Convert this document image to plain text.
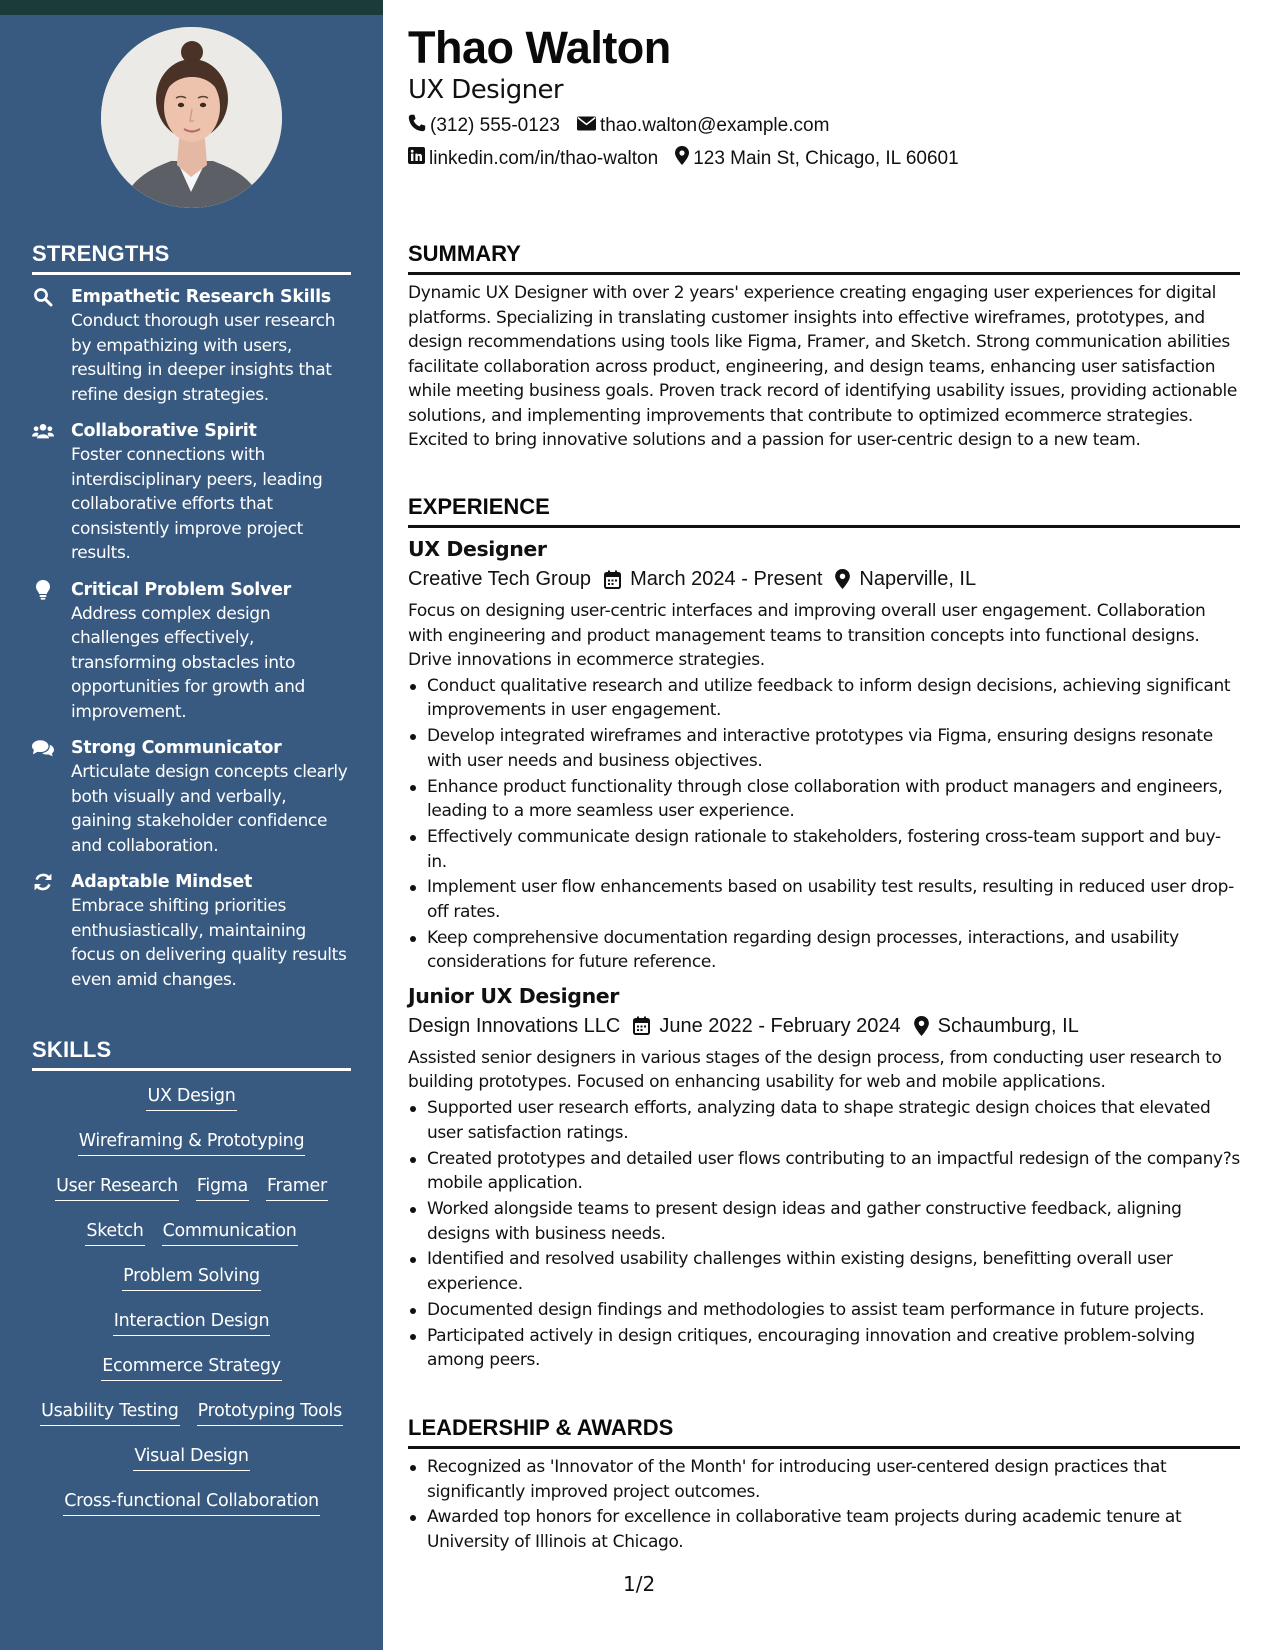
STRENGTHS
Empathetic Research Skills
Conduct thorough user research by empathizing with users, resulting in deeper insights that refine design strategies.
Collaborative Spirit
Foster connections with interdisciplinary peers, leading collaborative efforts that consistently improve project results.
Critical Problem Solver
Address complex design challenges effectively, transforming obstacles into opportunities for growth and improvement.
Strong Communicator
Articulate design concepts clearly both visually and verbally, gaining stakeholder confidence and collaboration.
Adaptable Mindset
Embrace shifting priorities enthusiastically, maintaining focus on delivering quality results even amid changes.
SKILLS
UX Design
Wireframing & Prototyping
User Research Figma Framer
Sketch Communication
Problem Solving
Interaction Design
Ecommerce Strategy
Usability Testing Prototyping Tools
Visual Design
Cross-functional Collaboration
Thao Walton
UX Designer
(312) 555-0123 thao.walton@example.com
linkedin.com/in/thao-walton 123 Main St, Chicago, IL 60601
SUMMARY

Dynamic UX Designer with over 2 years' experience creating engaging user experiences for digital platforms. Specializing in translating customer insights into effective wireframes, prototypes, and design recommendations using tools like Figma, Framer, and Sketch. Strong communication abilities facilitate collaboration across product, engineering, and design teams, enhancing user satisfaction while meeting business goals. Proven track record of identifying usability issues, providing actionable solutions, and implementing improvements that contribute to optimized ecommerce strategies. Excited to bring innovative solutions and a passion for user-centric design to a new team.

EXPERIENCE
UX Designer
Creative Tech Group March 2024 - Present Naperville, IL

Focus on designing user-centric interfaces and improving overall user engagement. Collaboration with engineering and product management teams to transition concepts into functional designs. Drive innovations in ecommerce strategies.

Conduct qualitative research and utilize feedback to inform design decisions, achieving significant improvements in user engagement.
Develop integrated wireframes and interactive prototypes via Figma, ensuring designs resonate with user needs and business objectives.
Enhance product functionality through close collaboration with product managers and engineers, leading to a more seamless user experience.
Effectively communicate design rationale to stakeholders, fostering cross-team support and buy-in.
Implement user flow enhancements based on usability test results, resulting in reduced user drop-off rates.
Keep comprehensive documentation regarding design processes, interactions, and usability considerations for future reference.
Junior UX Designer
Design Innovations LLC June 2022 - February 2024 Schaumburg, IL

Assisted senior designers in various stages of the design process, from conducting user research to building prototypes. Focused on enhancing usability for web and mobile applications.

Supported user research efforts, analyzing data to shape strategic design choices that elevated user satisfaction ratings.
Created prototypes and detailed user flows contributing to an impactful redesign of the company?s mobile application.
Worked alongside teams to present design ideas and gather constructive feedback, aligning designs with business needs.
Identified and resolved usability challenges within existing designs, benefitting overall user experience.
Documented design findings and methodologies to assist team performance in future projects.
Participated actively in design critiques, encouraging innovation and creative problem-solving among peers.
LEADERSHIP & AWARDS
Recognized as 'Innovator of the Month' for introducing user-centered design practices that significantly improved project outcomes.
Awarded top honors for excellence in collaborative team projects during academic tenure at University of Illinois at Chicago.
1/2
